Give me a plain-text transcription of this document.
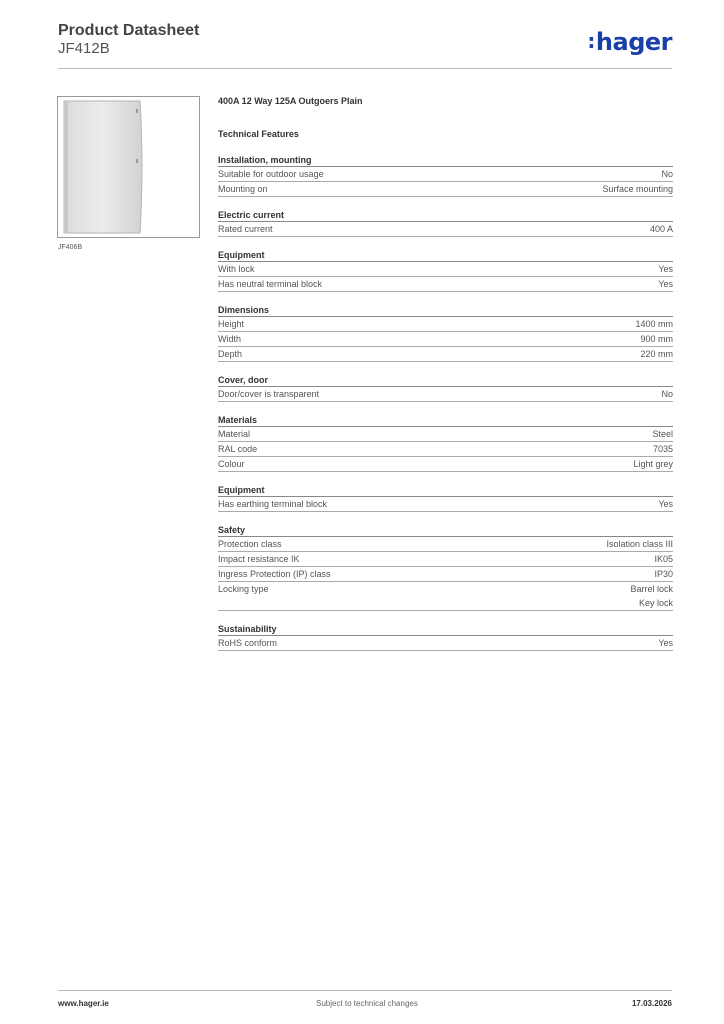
Product Datasheet
JF412B	:hager
JF406B
400A 12 Way 125A Outgoers Plain
Technical Features
Installation, mounting
Suitable for outdoor usage	No
Mounting on	Surface mounting
Electric current
Rated current	400 A
Equipment
With lock	Yes
Has neutral terminal block	Yes
Dimensions
Height	1400 mm
Width	900 mm
Depth	220 mm
Cover, door
Door/cover is transparent	No
Materials
Material	Steel
RAL code	7035
Colour	Light grey
Equipment
Has earthing terminal block	Yes
Safety
Protection class	Isolation class III
Impact resistance IK	IK05
Ingress Protection (IP) class	IP30
Locking type	Barrel lock
Key lock
Sustainability
RoHS conform	Yes
www.hager.ie	Subject to technical changes	17.03.2026
